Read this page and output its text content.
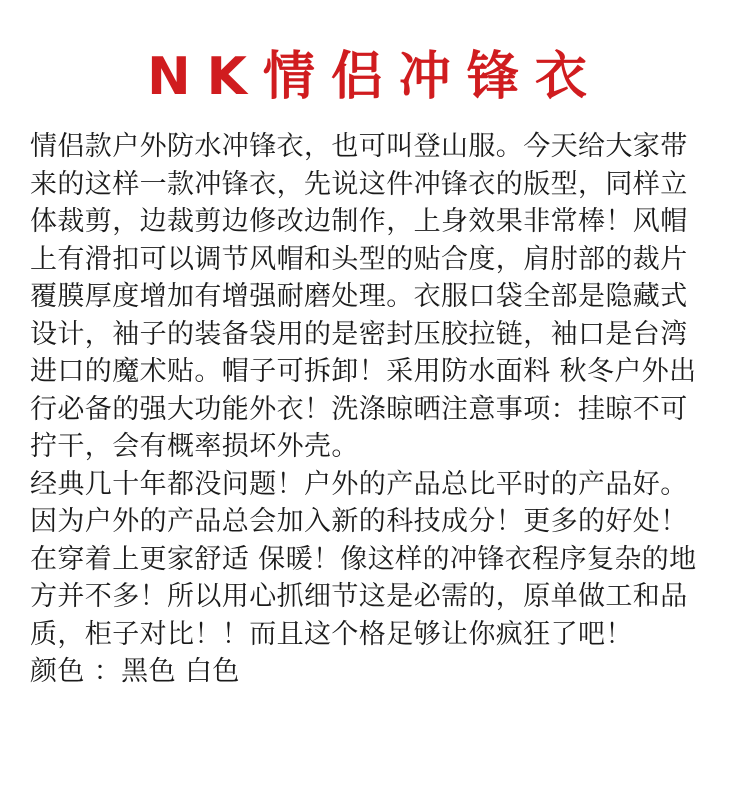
NK情侣冲锋衣
情侣款户外防水冲锋衣，也可叫登山服。今天给大家带
来的这样一款冲锋衣，先说这件冲锋衣的版型，同样立
体裁剪，边裁剪边修改边制作，上身效果非常棒！风帽
上有滑扣可以调节风帽和头型的贴合度，肩肘部的裁片
覆膜厚度增加有增强耐磨处理。衣服口袋全部是隐藏式
设计，袖子的装备袋用的是密封压胶拉链，袖口是台湾
进口的魔术贴。帽子可拆卸！采用防水面料 秋冬户外出
行必备的强大功能外衣！洗涤晾晒注意事项：挂晾不可
拧干，会有概率损坏外壳。
经典几十年都没问题！户外的产品总比平时的产品好。
因为户外的产品总会加入新的科技成分！更多的好处！
在穿着上更家舒适 保暖！像这样的冲锋衣程序复杂的地
方并不多！所以用心抓细节这是必需的，原单做工和品
质，柜子对比！！而且这个格足够让你疯狂了吧！
颜色 ：黑色 白色
